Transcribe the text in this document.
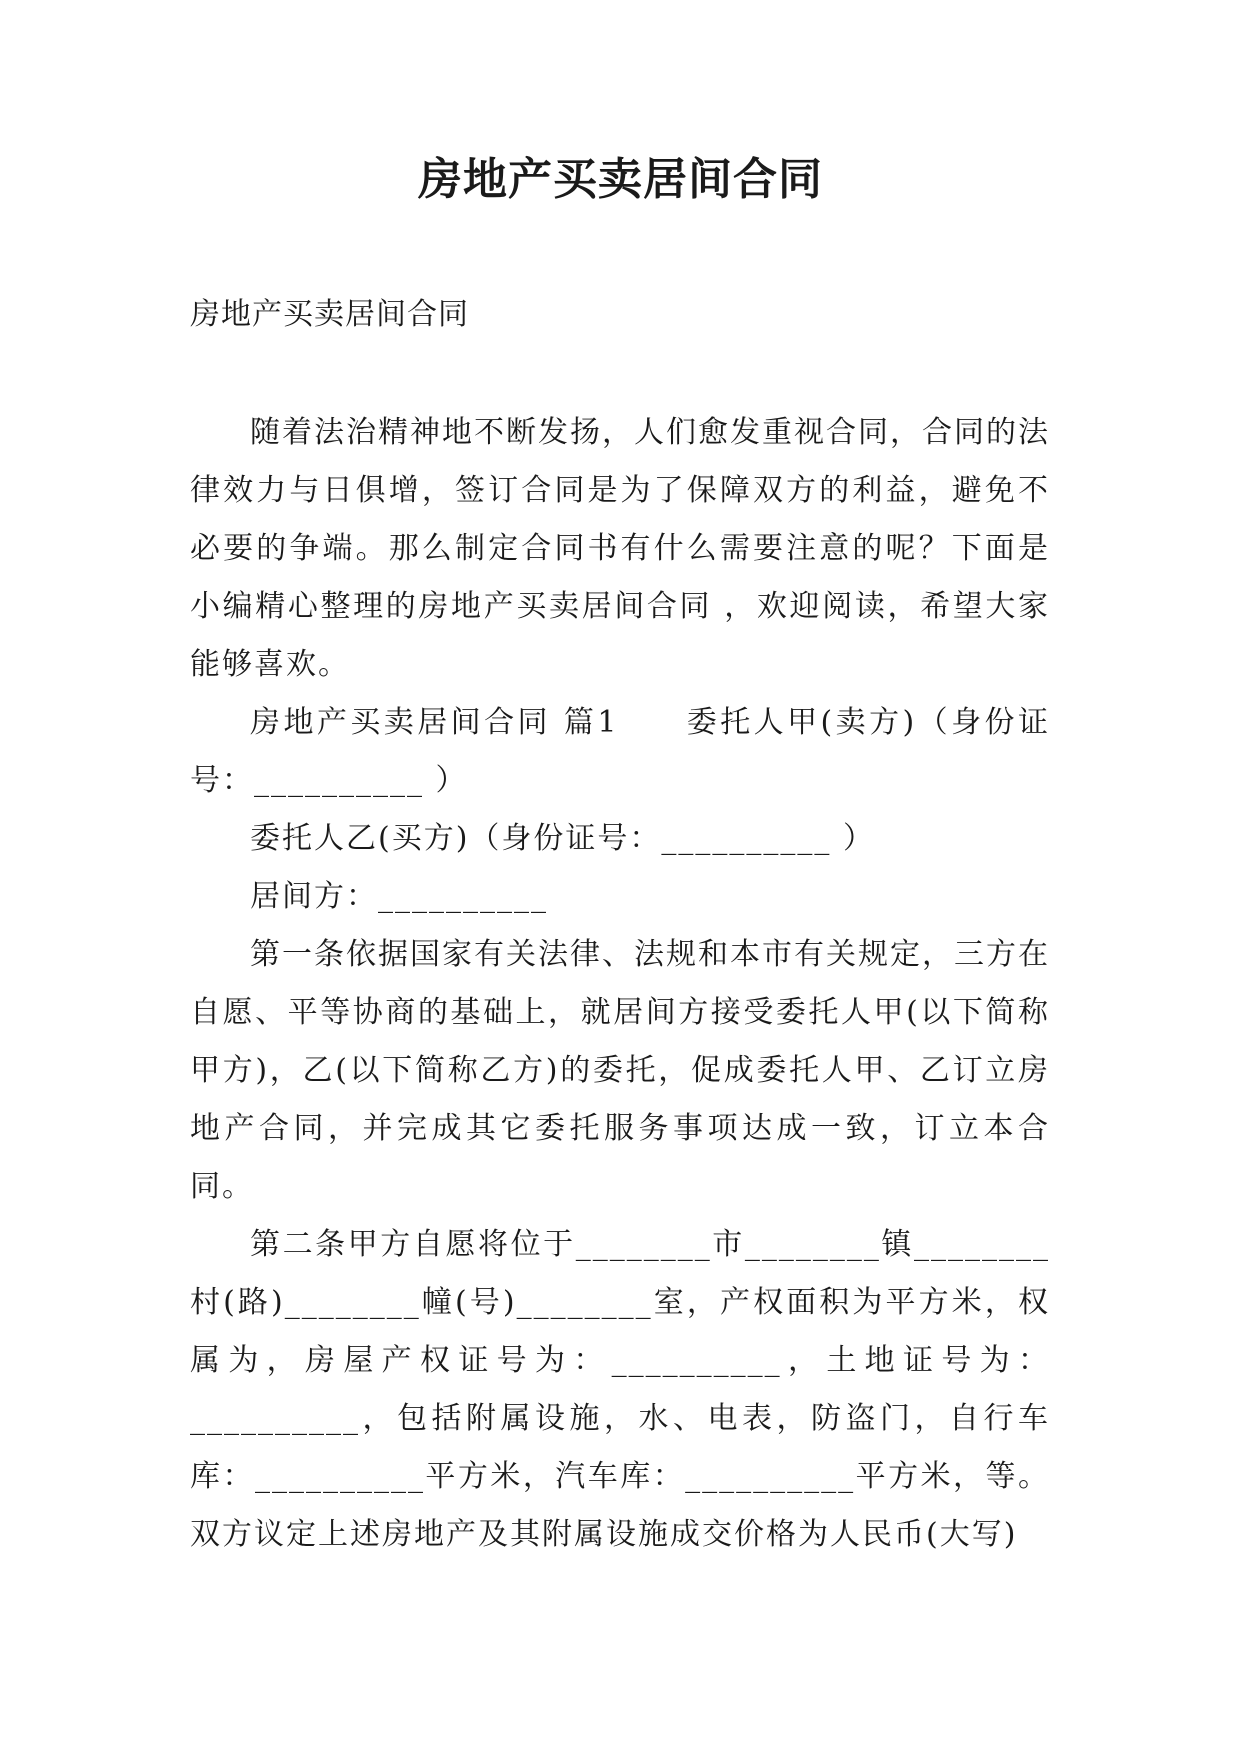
房地产买卖居间合同
房地产买卖居间合同

随着法治精神地不断发扬，人们愈发重视合同，合同的法律效力与日俱增，签订合同是为了保障双方的利益，避免不必要的争端。那么制定合同书有什么需要注意的呢？下面是小编精心整理的房地产买卖居间合同 ，欢迎阅读，希望大家能够喜欢。

房地产买卖居间合同 篇1　　委托人甲(卖方)（身份证号：__________ ）

委托人乙(买方)（身份证号：__________ ）

居间方：__________

第一条依据国家有关法律、法规和本市有关规定，三方在自愿、平等协商的基础上，就居间方接受委托人甲(以下简称甲方)，乙(以下简称乙方)的委托，促成委托人甲、乙订立房地产合同，并完成其它委托服务事项达成一致，订立本合同。

第二条甲方自愿将位于________市________镇________村(路)________幢(号)________室，产权面积为平方米，权属为，房屋产权证号为：__________，土地证号为：__________，包括附属设施，水、电表，防盗门，自行车库：__________平方米，汽车库：__________平方米，等。双方议定上述房地产及其附属设施成交价格为人民币(大写)
